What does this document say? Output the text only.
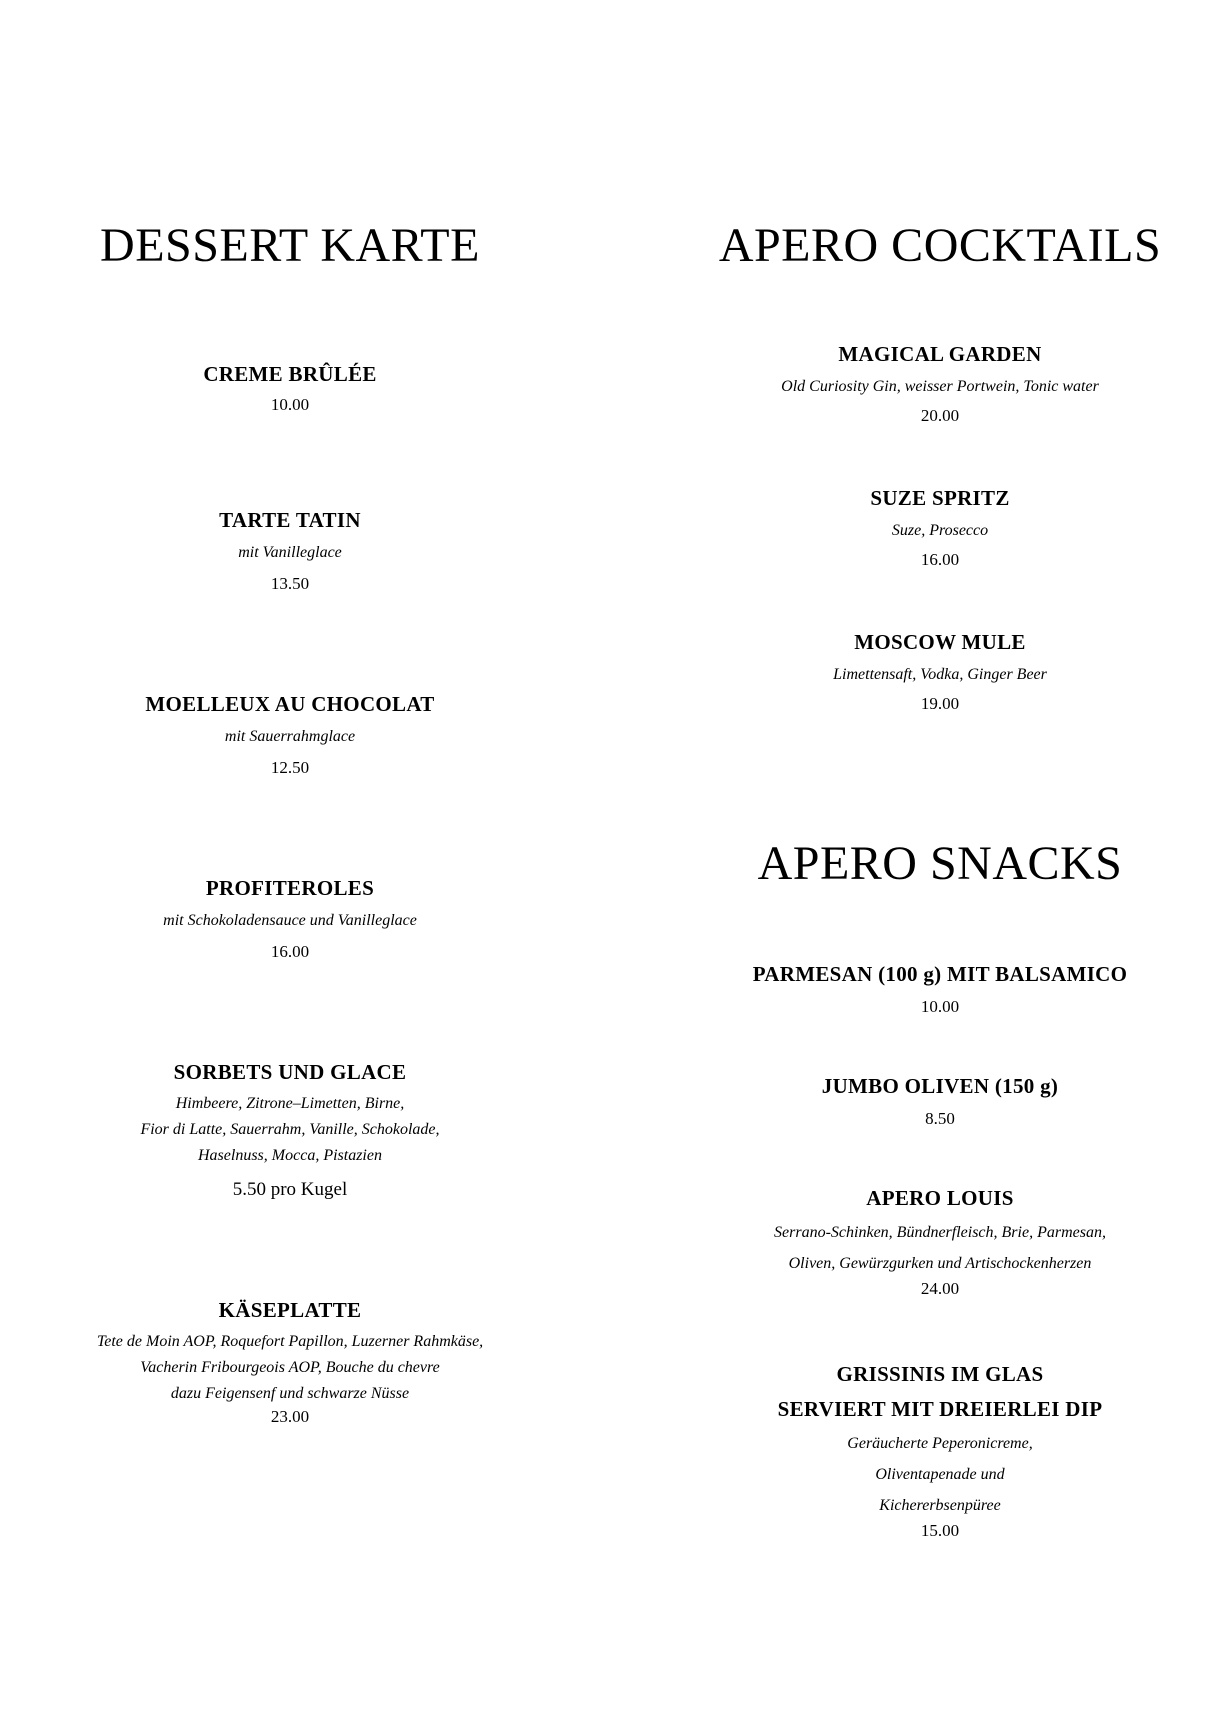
DESSERT KARTE
CREME BRÛLÉE
10.00
TARTE TATIN
mit Vanilleglace
13.50
MOELLEUX AU CHOCOLAT
mit Sauerrahmglace
12.50
PROFITEROLES
mit Schokoladensauce und Vanilleglace
16.00
SORBETS UND GLACE
Himbeere, Zitrone–Limetten, Birne,
Fior di Latte, Sauerrahm, Vanille, Schokolade,
Haselnuss, Mocca, Pistazien
5.50 pro Kugel
KÄSEPLATTE
Tete de Moin AOP, Roquefort Papillon, Luzerner Rahmkäse,
Vacherin Fribourgeois AOP, Bouche du chevre
dazu Feigensenf und schwarze Nüsse
23.00
APERO COCKTAILS
MAGICAL GARDEN
Old Curiosity Gin, weisser Portwein, Tonic water
20.00
SUZE SPRITZ
Suze, Prosecco
16.00
MOSCOW MULE
Limettensaft, Vodka, Ginger Beer
19.00
APERO SNACKS
PARMESAN (100 g) MIT BALSAMICO
10.00
JUMBO OLIVEN (150 g)
8.50
APERO LOUIS
Serrano-Schinken, Bündnerfleisch, Brie, Parmesan,
Oliven, Gewürzgurken und Artischockenherzen
24.00
GRISSINIS IM GLAS
SERVIERT MIT DREIERLEI DIP
Geräucherte Peperonicreme,
Oliventapenade und
Kichererbsenpüree
15.00
